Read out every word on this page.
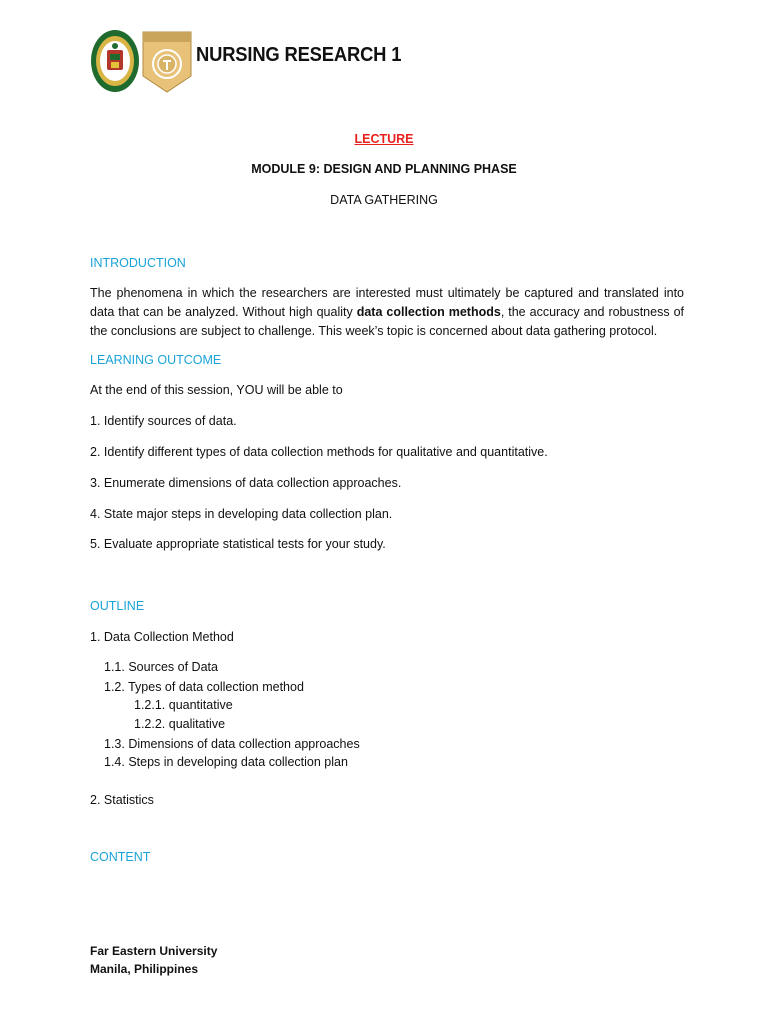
NURSING RESEARCH 1
LECTURE
MODULE 9: DESIGN AND PLANNING PHASE
DATA GATHERING
INTRODUCTION
The phenomena in which the researchers are interested must ultimately be captured and translated into data that can be analyzed. Without high quality data collection methods, the accuracy and robustness of the conclusions are subject to challenge. This week’s topic is concerned about data gathering protocol.
LEARNING OUTCOME
At the end of this session, YOU will be able to
1. Identify sources of data.
2. Identify different types of data collection methods for qualitative and quantitative.
3. Enumerate dimensions of data collection approaches.
4. State major steps in developing data collection plan.
5. Evaluate appropriate statistical tests for your study.
OUTLINE
1. Data Collection Method
1.1. Sources of Data
1.2. Types of data collection method
1.2.1. quantitative
1.2.2. qualitative
1.3. Dimensions of data collection approaches
1.4. Steps in developing data collection plan
2. Statistics
CONTENT
Far Eastern University
Manila, Philippines
